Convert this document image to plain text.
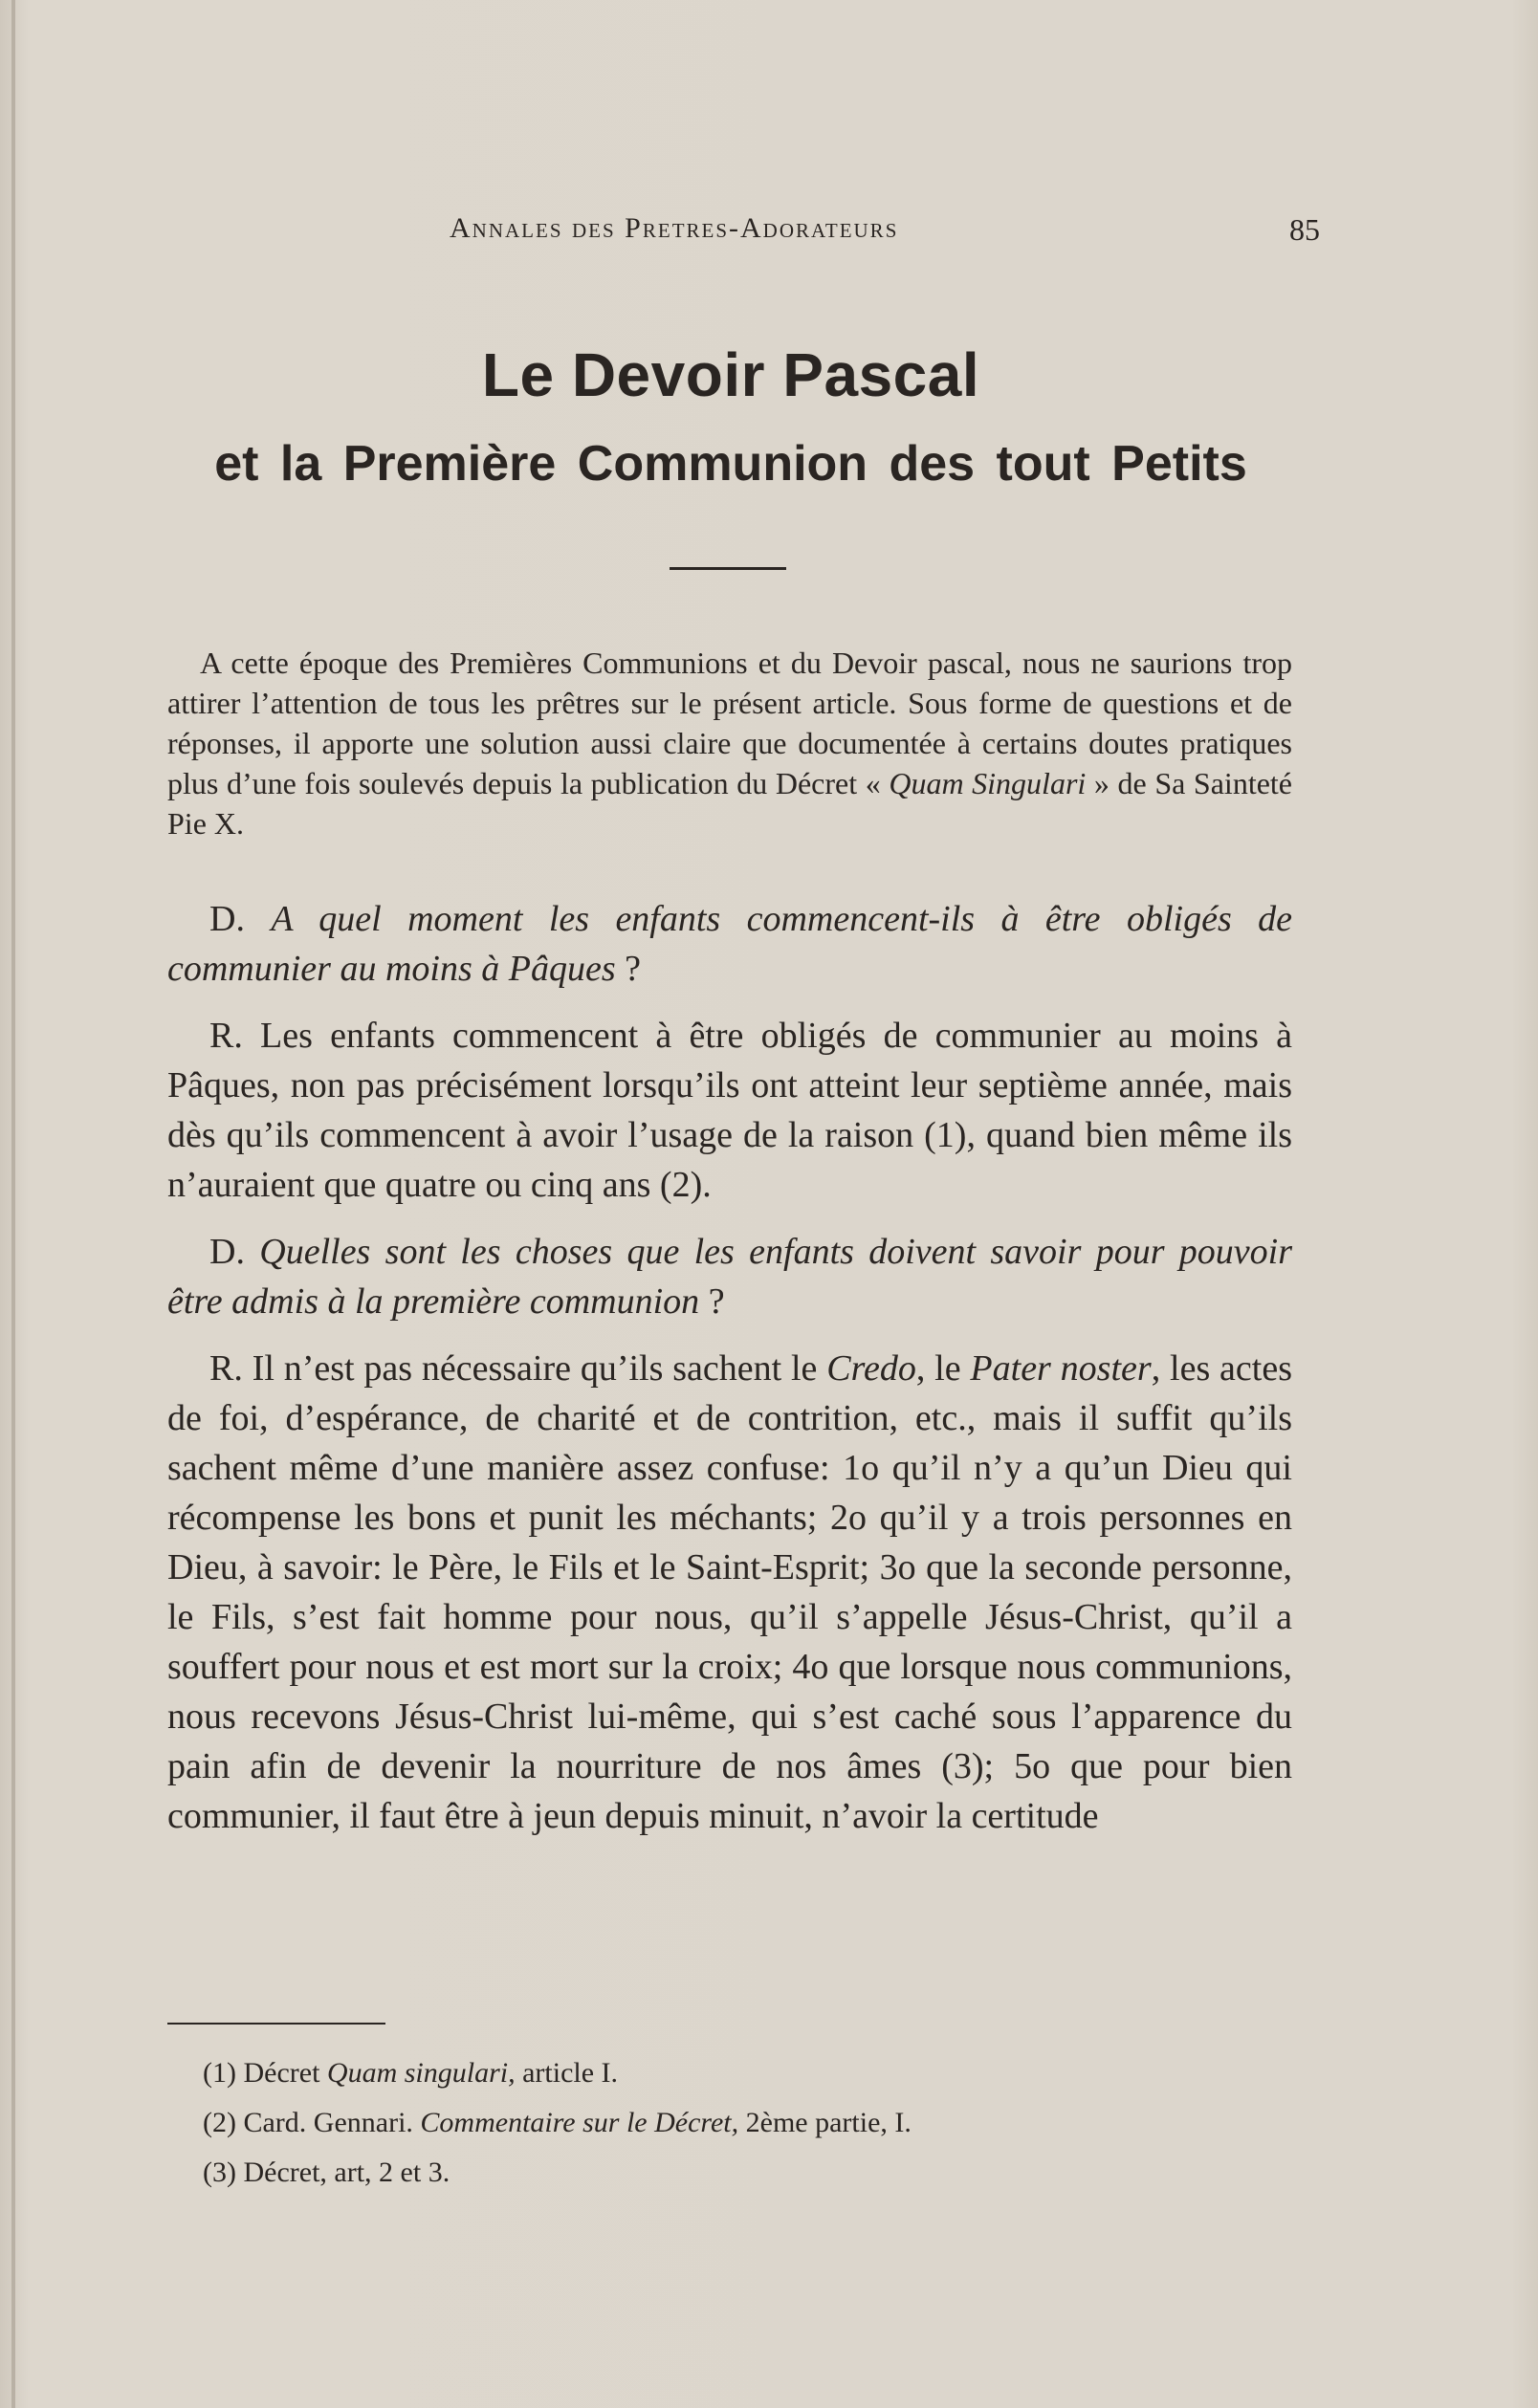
Annales des Pretres-Adorateurs	85
Le Devoir Pascal
et la Première Communion des tout Petits

A cette époque des Premières Communions et du Devoir pascal, nous ne saurions trop attirer l’attention de tous les prêtres sur le présent article. Sous forme de questions et de réponses, il apporte une solution aussi claire que documentée à certains doutes pratiques plus d’une fois soulevés depuis la publication du Décret « Quam Singulari » de Sa Sainteté Pie X.

D. A quel moment les enfants commencent-ils à être obligés de communier au moins à Pâques ?

R. Les enfants commencent à être obligés de communier au moins à Pâques, non pas précisément lorsqu’ils ont atteint leur septième année, mais dès qu’ils commencent à avoir l’usage de la raison (1), quand bien même ils n’auraient que quatre ou cinq ans (2).

D. Quelles sont les choses que les enfants doivent savoir pour pouvoir être admis à la première communion ?

R. Il n’est pas nécessaire qu’ils sachent le Credo, le Pater noster, les actes de foi, d’espérance, de charité et de contrition, etc., mais il suffit qu’ils sachent même d’une manière assez confuse: 1o qu’il n’y a qu’un Dieu qui récompense les bons et punit les méchants; 2o qu’il y a trois personnes en Dieu, à savoir: le Père, le Fils et le Saint-Esprit; 3o que la seconde personne, le Fils, s’est fait homme pour nous, qu’il s’appelle Jésus-Christ, qu’il a souffert pour nous et est mort sur la croix; 4o que lorsque nous communions, nous recevons Jésus-Christ lui-même, qui s’est caché sous l’apparence du pain afin de devenir la nourriture de nos âmes (3); 5o que pour bien communier, il faut être à jeun depuis minuit, n’avoir la certitude

(1) Décret Quam singulari, article I.
(2) Card. Gennari. Commentaire sur le Décret, 2ème partie, I.
(3) Décret, art, 2 et 3.
